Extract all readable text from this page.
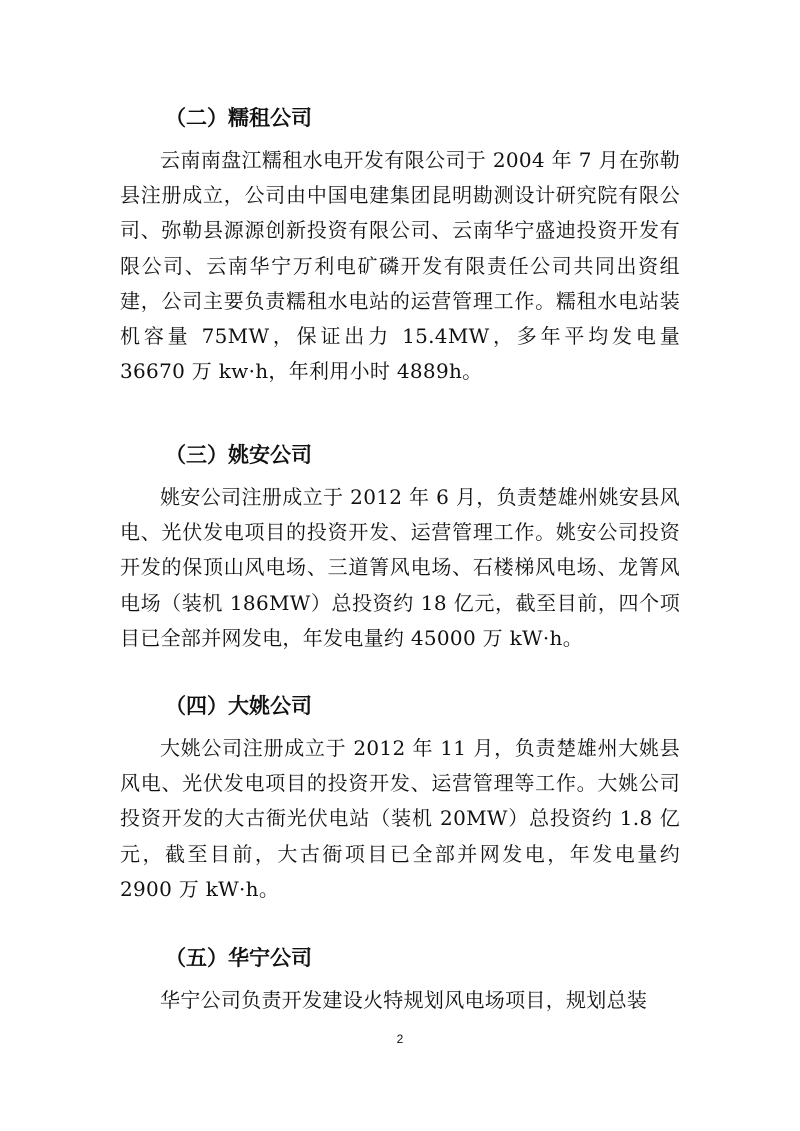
（二）糯租公司
云南南盘江糯租水电开发有限公司于 2004 年 7 月在弥勒县注册成立，公司由中国电建集团昆明勘测设计研究院有限公司、弥勒县源源创新投资有限公司、云南华宁盛迪投资开发有限公司、云南华宁万利电矿磷开发有限责任公司共同出资组建，公司主要负责糯租水电站的运营管理工作。糯租水电站装机容量 75MW，保证出力 15.4MW，多年平均发电量 36670 万 kw·h，年利用小时 4889h。
（三）姚安公司
姚安公司注册成立于 2012 年 6 月，负责楚雄州姚安县风电、光伏发电项目的投资开发、运营管理工作。姚安公司投资开发的保顶山风电场、三道箐风电场、石楼梯风电场、龙箐风电场（装机 186MW）总投资约 18 亿元，截至目前，四个项目已全部并网发电，年发电量约 45000 万 kW·h。
（四）大姚公司
大姚公司注册成立于 2012 年 11 月，负责楚雄州大姚县风电、光伏发电项目的投资开发、运营管理等工作。大姚公司投资开发的大古衙光伏电站（装机 20MW）总投资约 1.8 亿元，截至目前，大古衙项目已全部并网发电，年发电量约 2900 万 kW·h。
（五）华宁公司
华宁公司负责开发建设火特规划风电场项目，规划总装
2
